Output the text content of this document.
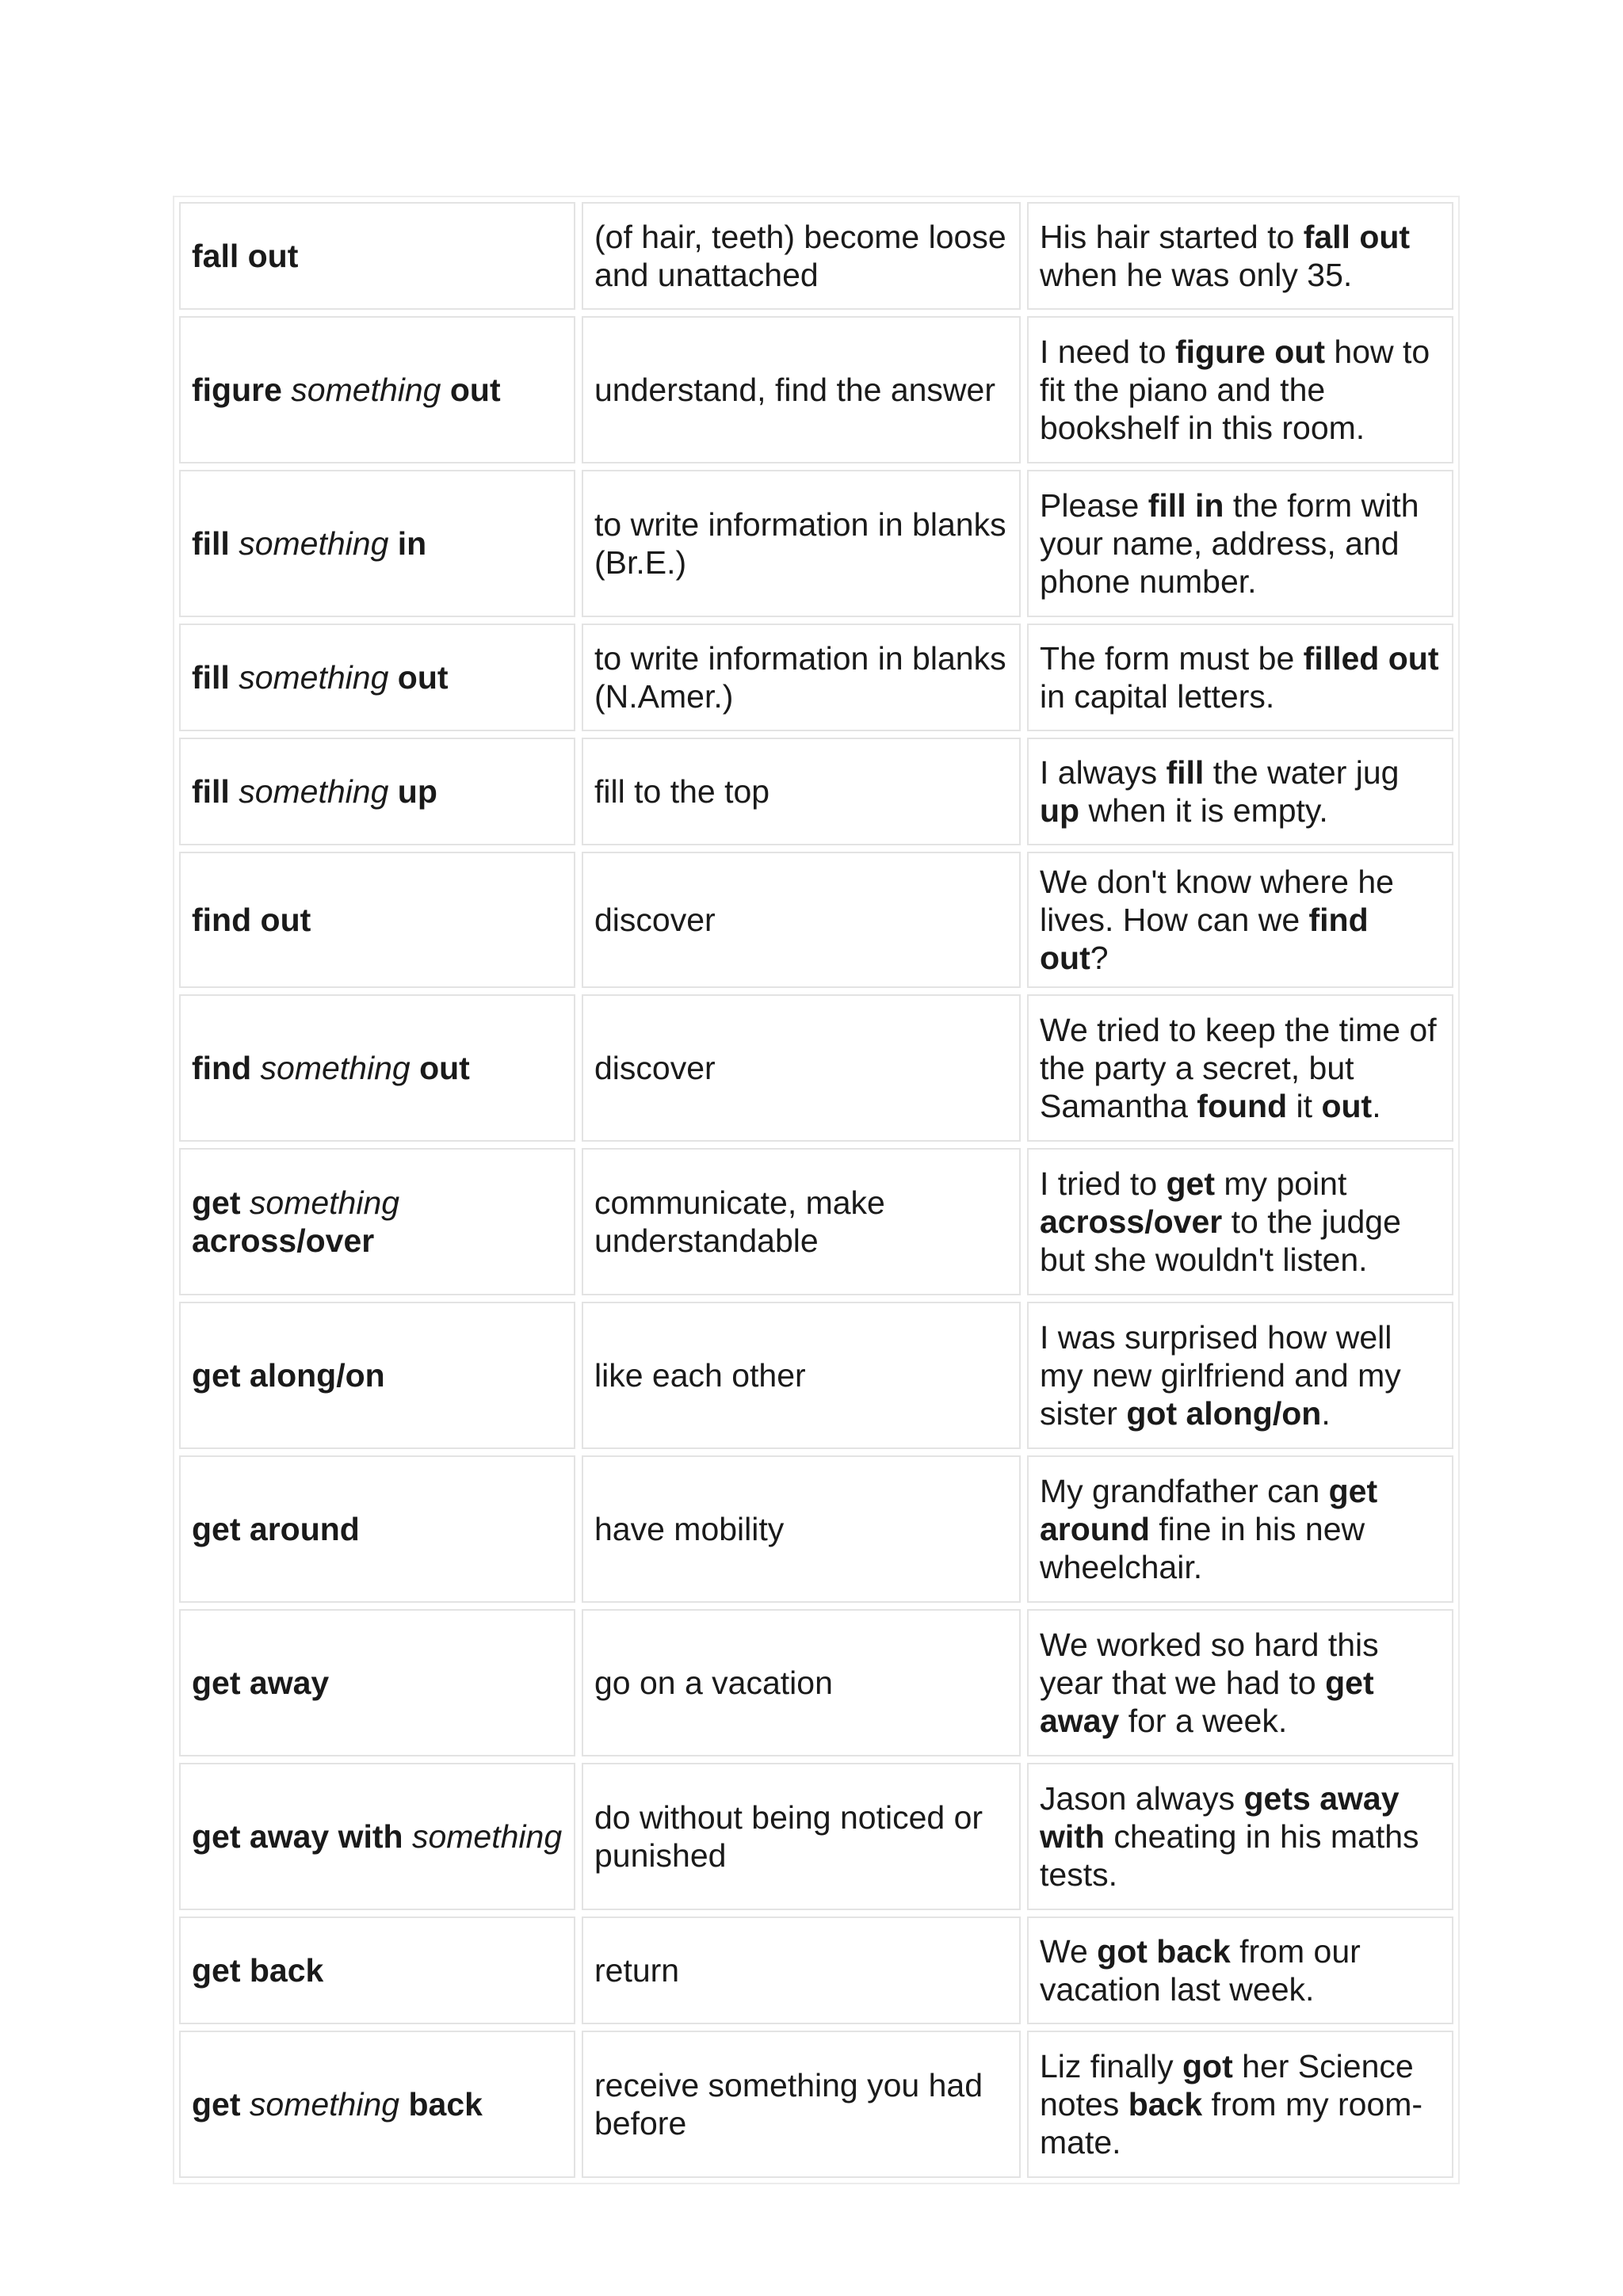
fall out	(of hair, teeth) become loose and unattached	His hair started to fall out when he was only 35.
figure something out	understand, find the answer	I need to figure out how to fit the piano and the bookshelf in this room.
fill something in	to write information in blanks (Br.E.)	Please fill in the form with your name, address, and phone number.
fill something out	to write information in blanks (N.Amer.)	The form must be filled out in capital letters.
fill something up	fill to the top	I always fill the water jug up when it is empty.
find out	discover	We don't know where he lives. How can we find out?
find something out	discover	We tried to keep the time of the party a secret, but Samantha found it out.
get something across/over	communicate, make understandable	I tried to get my point across/over to the judge but she wouldn't listen.
get along/on	like each other	I was surprised how well my new girlfriend and my sister got along/on.
get around	have mobility	My grandfather can get around fine in his new wheelchair.
get away	go on a vacation	We worked so hard this year that we had to get away for a week.
get away with something	do without being noticed or punished	Jason always gets away with cheating in his maths tests.
get back	return	We got back from our vacation last week.
get something back	receive something you had before	Liz finally got her Science notes back from my room-mate.
